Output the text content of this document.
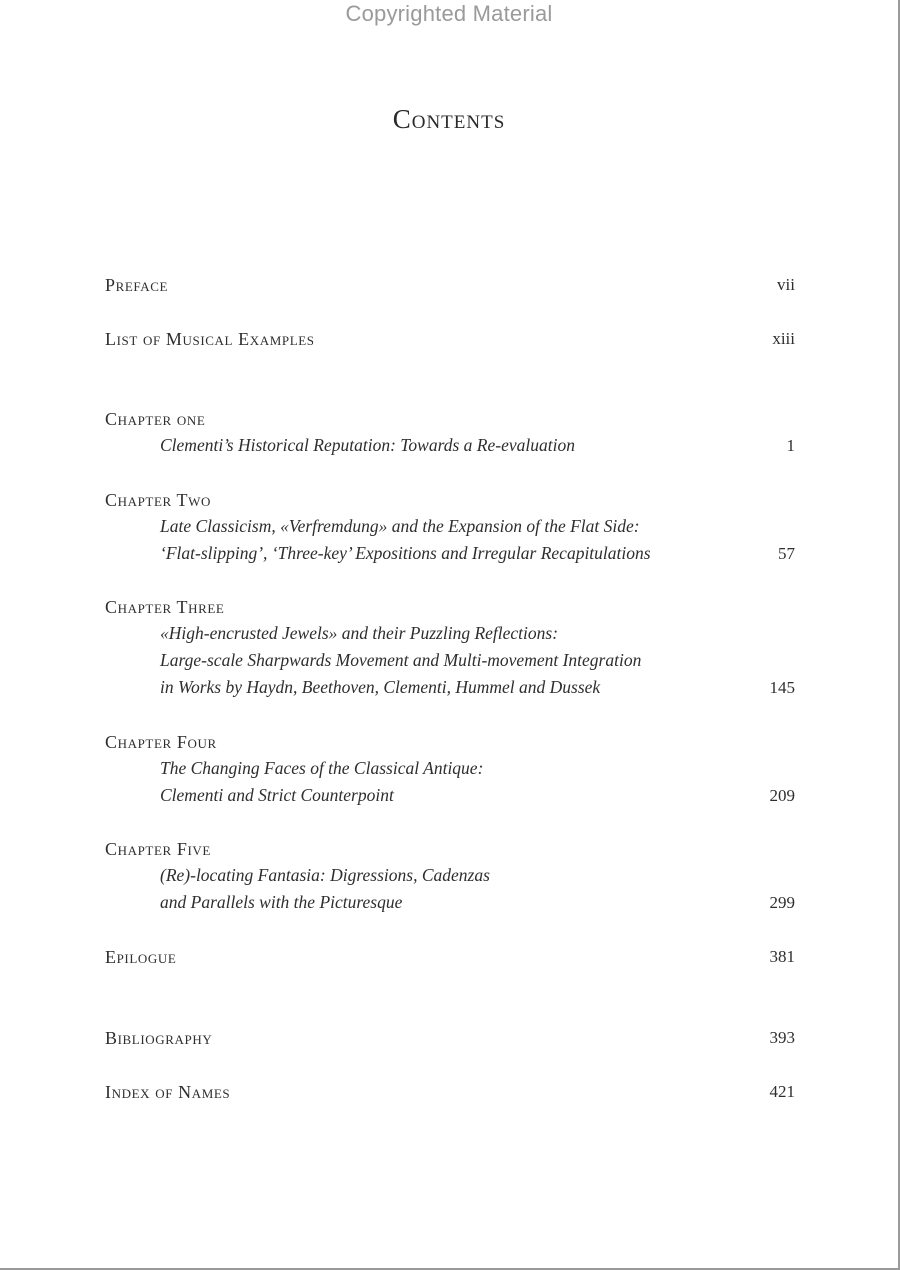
Copyrighted Material
Contents
Preface	vii
List of Musical Examples	xiii
Chapter one
Clementi’s Historical Reputation: Towards a Re-evaluation	1
Chapter Two
Late Classicism, «Verfremdung» and the Expansion of the Flat Side:
‘Flat-slipping’, ‘Three-key’ Expositions and Irregular Recapitulations	57
Chapter Three
«High-encrusted Jewels» and their Puzzling Reflections:
Large-scale Sharpwards Movement and Multi-movement Integration
in Works by Haydn, Beethoven, Clementi, Hummel and Dussek	145
Chapter Four
The Changing Faces of the Classical Antique:
Clementi and Strict Counterpoint	209
Chapter Five
(Re)-locating Fantasia: Digressions, Cadenzas
and Parallels with the Picturesque	299
Epilogue	381
Bibliography	393
Index of Names	421
